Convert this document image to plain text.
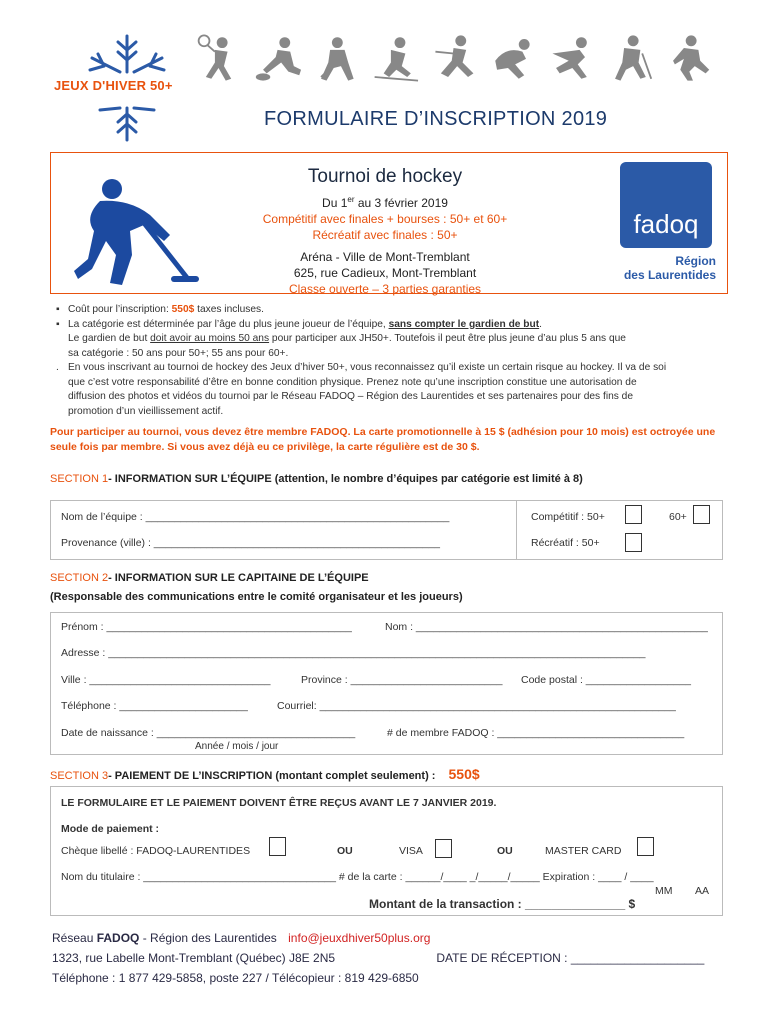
JEUX D'HIVER 50+
FORMULAIRE D’INSCRIPTION 2019
Tournoi de hockey
Du 1er au 3 février 2019
Compétitif avec finales + bourses : 50+ et 60+
Récréatif avec finales : 50+
Aréna - Ville de Mont-Tremblant
625, rue Cadieux, Mont-Tremblant
Classe ouverte – 3 parties garanties
fadoq
Région
des Laurentides
▪ Coût pour l’inscription: 550$ taxes incluses.
▪ La catégorie est déterminée par l’âge du plus jeune joueur de l’équipe, sans compter le gardien de but.
Le gardien de but doit avoir au moins 50 ans pour participer aux JH50+. Toutefois il peut être plus jeune d’au plus 5 ans que
sa catégorie : 50 ans pour 50+; 55 ans pour 60+.
. En vous inscrivant au tournoi de hockey des Jeux d’hiver 50+, vous reconnaissez qu’il existe un certain risque au hockey. Il va de soi
que c’est votre responsabilité d’être en bonne condition physique. Prenez note qu’une inscription constitue une autorisation de
diffusion des photos et vidéos du tournoi par le Réseau FADOQ – Région des Laurentides et ses partenaires pour des fins de
promotion d’un vieillissement actif.
Pour participer au tournoi, vous devez être membre FADOQ. La carte promotionnelle à 15 $ (adhésion pour 10 mois) est octroyée une
seule fois par membre. Si vous avez déjà eu ce privilège, la carte régulière est de 30 $.
SECTION 1- INFORMATION SUR L’ÉQUIPE (attention, le nombre d’équipes par catégorie est limité à 8)
Nom de l’équipe : ____________________________________________________
Provenance (ville) : _________________________________________________
Compétitif : 50+	60+
Récréatif : 50+
SECTION 2- INFORMATION SUR LE CAPITAINE DE L’ÉQUIPE
(Responsable des communications entre le comité organisateur et les joueurs)
Prénom : __________________________________________	Nom : __________________________________________________
Adresse : ____________________________________________________________________________________________
Ville : _______________________________	Province : __________________________ Code postal : __________________
Téléphone : ______________________	Courriel: _____________________________________________________________
Date de naissance : __________________________________
Année / mois / jour
# de membre FADOQ : ________________________________
SECTION 3- PAIEMENT DE L’INSCRIPTION (montant complet seulement) : 550$
LE FORMULAIRE ET LE PAIEMENT DOIVENT ÊTRE REÇUS AVANT LE 7 JANVIER 2019.
Mode de paiement :
Chèque libellé : FADOQ-LAURENTIDES	OU	VISA	OU	MASTER CARD
Nom du titulaire : _________________________________ # de la carte : ______/____ _/_____/_____ Expiration : ____ / ____
MM AA
Montant de la transaction : _______________ $
Réseau FADOQ - Région des Laurentides info@jeuxdhiver50plus.org
1323, rue Labelle Mont-Tremblant (Québec) J8E 2N5	DATE DE RÉCEPTION : ____________________
Téléphone : 1 877 429-5858, poste 227 / Télécopieur : 819 429-6850
